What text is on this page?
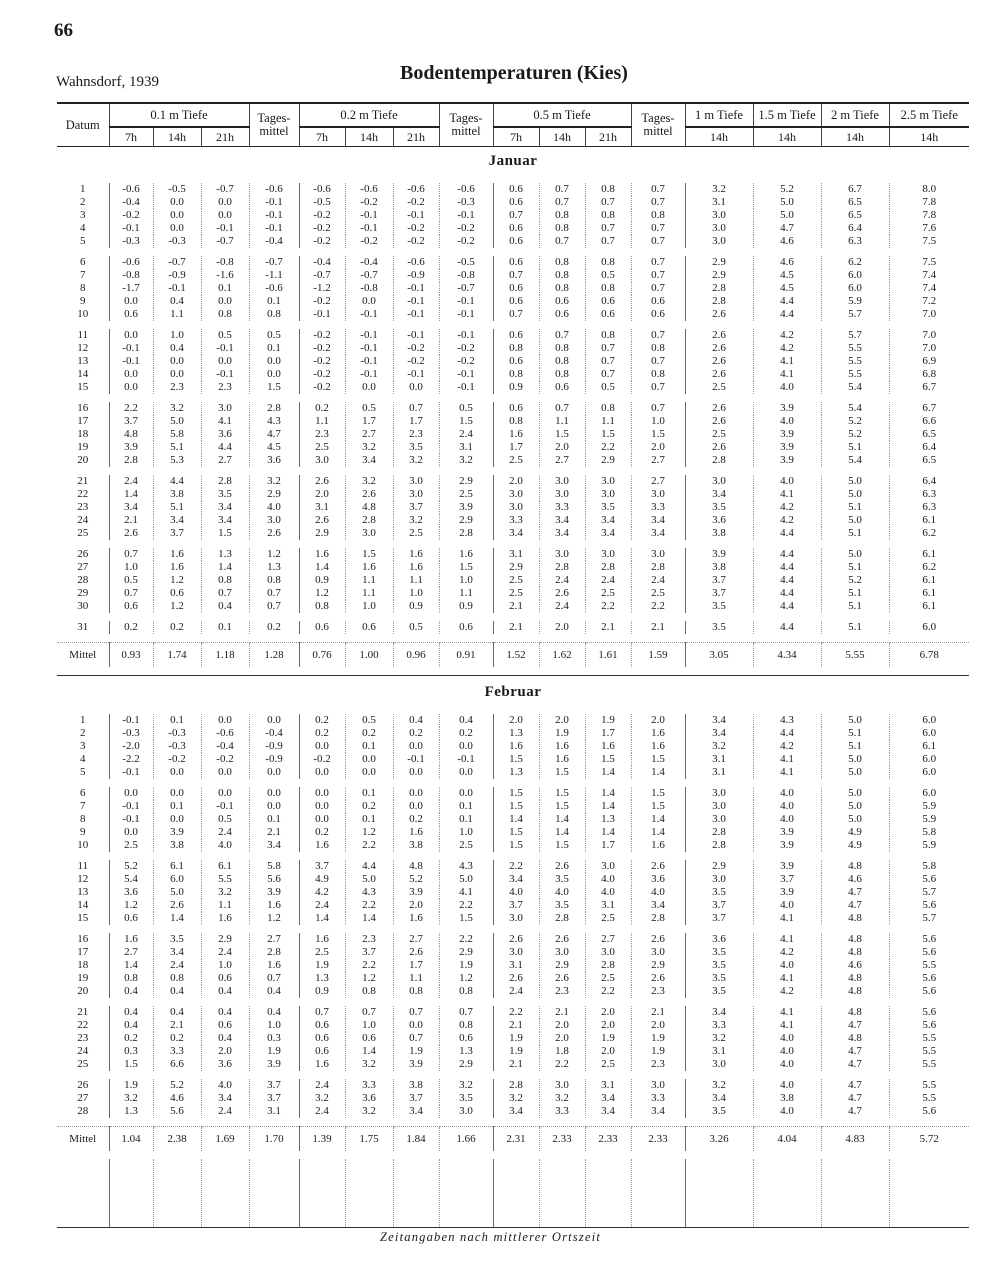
66
Wahnsdorf, 1939	Bodentemperaturen (Kies)
Datum	0.1 m Tiefe			Tages-mittel	0.2 m Tiefe			Tages-mittel	0.5 m Tiefe			Tages-mittel	1 m Tiefe	1.5 m Tiefe	2 m Tiefe	2.5 m Tiefe
	7h	14h	21h		7h	14h	21h		7h	14h	21h		14h	14h	14h	14h
Januar																

1	-0.6	-0.5	-0.7	-0.6	-0.6	-0.6	-0.6	-0.6	0.6	0.7	0.8	0.7	3.2	5.2	6.7	8.0
2	-0.4	0.0	0.0	-0.1	-0.5	-0.2	-0.2	-0.3	0.6	0.7	0.7	0.7	3.1	5.0	6.5	7.8
3	-0.2	0.0	0.0	-0.1	-0.2	-0.1	-0.1	-0.1	0.7	0.8	0.8	0.8	3.0	5.0	6.5	7.8
4	-0.1	0.0	-0.1	-0.1	-0.2	-0.1	-0.2	-0.2	0.6	0.8	0.7	0.7	3.0	4.7	6.4	7.6
5	-0.3	-0.3	-0.7	-0.4	-0.2	-0.2	-0.2	-0.2	0.6	0.7	0.7	0.7	3.0	4.6	6.3	7.5

6	-0.6	-0.7	-0.8	-0.7	-0.4	-0.4	-0.6	-0.5	0.6	0.8	0.8	0.7	2.9	4.6	6.2	7.5
7	-0.8	-0.9	-1.6	-1.1	-0.7	-0.7	-0.9	-0.8	0.7	0.8	0.5	0.7	2.9	4.5	6.0	7.4
8	-1.7	-0.1	0.1	-0.6	-1.2	-0.8	-0.1	-0.7	0.6	0.8	0.8	0.7	2.8	4.5	6.0	7.4
9	0.0	0.4	0.0	0.1	-0.2	0.0	-0.1	-0.1	0.6	0.6	0.6	0.6	2.8	4.4	5.9	7.2
10	0.6	1.1	0.8	0.8	-0.1	-0.1	-0.1	-0.1	0.7	0.6	0.6	0.6	2.6	4.4	5.7	7.0

11	0.0	1.0	0.5	0.5	-0.2	-0.1	-0.1	-0.1	0.6	0.7	0.8	0.7	2.6	4.2	5.7	7.0
12	-0.1	0.4	-0.1	0.1	-0.2	-0.1	-0.2	-0.2	0.8	0.8	0.7	0.8	2.6	4.2	5.5	7.0
13	-0.1	0.0	0.0	0.0	-0.2	-0.1	-0.2	-0.2	0.6	0.8	0.7	0.7	2.6	4.1	5.5	6.9
14	0.0	0.0	-0.1	0.0	-0.2	-0.1	-0.1	-0.1	0.8	0.8	0.7	0.8	2.6	4.1	5.5	6.8
15	0.0	2.3	2.3	1.5	-0.2	0.0	0.0	-0.1	0.9	0.6	0.5	0.7	2.5	4.0	5.4	6.7

16	2.2	3.2	3.0	2.8	0.2	0.5	0.7	0.5	0.6	0.7	0.8	0.7	2.6	3.9	5.4	6.7
17	3.7	5.0	4.1	4.3	1.1	1.7	1.7	1.5	0.8	1.1	1.1	1.0	2.6	4.0	5.2	6.6
18	4.8	5.8	3.6	4.7	2.3	2.7	2.3	2.4	1.6	1.5	1.5	1.5	2.5	3.9	5.2	6.5
19	3.9	5.1	4.4	4.5	2.5	3.2	3.5	3.1	1.7	2.0	2.2	2.0	2.6	3.9	5.1	6.4
20	2.8	5.3	2.7	3.6	3.0	3.4	3.2	3.2	2.5	2.7	2.9	2.7	2.8	3.9	5.4	6.5

21	2.4	4.4	2.8	3.2	2.6	3.2	3.0	2.9	2.0	3.0	3.0	2.7	3.0	4.0	5.0	6.4
22	1.4	3.8	3.5	2.9	2.0	2.6	3.0	2.5	3.0	3.0	3.0	3.0	3.4	4.1	5.0	6.3
23	3.4	5.1	3.4	4.0	3.1	4.8	3.7	3.9	3.0	3.3	3.5	3.3	3.5	4.2	5.1	6.3
24	2.1	3.4	3.4	3.0	2.6	2.8	3.2	2.9	3.3	3.4	3.4	3.4	3.6	4.2	5.0	6.1
25	2.6	3.7	1.5	2.6	2.9	3.0	2.5	2.8	3.4	3.4	3.4	3.4	3.8	4.4	5.1	6.2

26	0.7	1.6	1.3	1.2	1.6	1.5	1.6	1.6	3.1	3.0	3.0	3.0	3.9	4.4	5.0	6.1
27	1.0	1.6	1.4	1.3	1.4	1.6	1.6	1.5	2.9	2.8	2.8	2.8	3.8	4.4	5.1	6.2
28	0.5	1.2	0.8	0.8	0.9	1.1	1.1	1.0	2.5	2.4	2.4	2.4	3.7	4.4	5.2	6.1
29	0.7	0.6	0.7	0.7	1.2	1.1	1.0	1.1	2.5	2.6	2.5	2.5	3.7	4.4	5.1	6.1
30	0.6	1.2	0.4	0.7	0.8	1.0	0.9	0.9	2.1	2.4	2.2	2.2	3.5	4.4	5.1	6.1

31	0.2	0.2	0.1	0.2	0.6	0.6	0.5	0.6	2.1	2.0	2.1	2.1	3.5	4.4	5.1	6.0

Mittel	0.93	1.74	1.18	1.28	0.76	1.00	0.96	0.91	1.52	1.62	1.61	1.59	3.05	4.34	5.55	6.78

Februar																

1	-0.1	0.1	0.0	0.0	0.2	0.5	0.4	0.4	2.0	2.0	1.9	2.0	3.4	4.3	5.0	6.0
2	-0.3	-0.3	-0.6	-0.4	0.2	0.2	0.2	0.2	1.3	1.9	1.7	1.6	3.4	4.4	5.1	6.0
3	-2.0	-0.3	-0.4	-0.9	0.0	0.1	0.0	0.0	1.6	1.6	1.6	1.6	3.2	4.2	5.1	6.1
4	-2.2	-0.2	-0.2	-0.9	-0.2	0.0	-0.1	-0.1	1.5	1.6	1.5	1.5	3.1	4.1	5.0	6.0
5	-0.1	0.0	0.0	0.0	0.0	0.0	0.0	0.0	1.3	1.5	1.4	1.4	3.1	4.1	5.0	6.0

6	0.0	0.0	0.0	0.0	0.0	0.1	0.0	0.0	1.5	1.5	1.4	1.5	3.0	4.0	5.0	6.0
7	-0.1	0.1	-0.1	0.0	0.0	0.2	0.0	0.1	1.5	1.5	1.4	1.5	3.0	4.0	5.0	5.9
8	-0.1	0.0	0.5	0.1	0.0	0.1	0.2	0.1	1.4	1.4	1.3	1.4	3.0	4.0	5.0	5.9
9	0.0	3.9	2.4	2.1	0.2	1.2	1.6	1.0	1.5	1.4	1.4	1.4	2.8	3.9	4.9	5.8
10	2.5	3.8	4.0	3.4	1.6	2.2	3.8	2.5	1.5	1.5	1.7	1.6	2.8	3.9	4.9	5.9

11	5.2	6.1	6.1	5.8	3.7	4.4	4.8	4.3	2.2	2.6	3.0	2.6	2.9	3.9	4.8	5.8
12	5.4	6.0	5.5	5.6	4.9	5.0	5.2	5.0	3.4	3.5	4.0	3.6	3.0	3.7	4.6	5.6
13	3.6	5.0	3.2	3.9	4.2	4.3	3.9	4.1	4.0	4.0	4.0	4.0	3.5	3.9	4.7	5.7
14	1.2	2.6	1.1	1.6	2.4	2.2	2.0	2.2	3.7	3.5	3.1	3.4	3.7	4.0	4.7	5.6
15	0.6	1.4	1.6	1.2	1.4	1.4	1.6	1.5	3.0	2.8	2.5	2.8	3.7	4.1	4.8	5.7

16	1.6	3.5	2.9	2.7	1.6	2.3	2.7	2.2	2.6	2.6	2.7	2.6	3.6	4.1	4.8	5.6
17	2.7	3.4	2.4	2.8	2.5	3.7	2.6	2.9	3.0	3.0	3.0	3.0	3.5	4.2	4.8	5.6
18	1.4	2.4	1.0	1.6	1.9	2.2	1.7	1.9	3.1	2.9	2.8	2.9	3.5	4.0	4.6	5.5
19	0.8	0.8	0.6	0.7	1.3	1.2	1.1	1.2	2.6	2.6	2.5	2.6	3.5	4.1	4.8	5.6
20	0.4	0.4	0.4	0.4	0.9	0.8	0.8	0.8	2.4	2.3	2.2	2.3	3.5	4.2	4.8	5.6

21	0.4	0.4	0.4	0.4	0.7	0.7	0.7	0.7	2.2	2.1	2.0	2.1	3.4	4.1	4.8	5.6
22	0.4	2.1	0.6	1.0	0.6	1.0	0.0	0.8	2.1	2.0	2.0	2.0	3.3	4.1	4.7	5.6
23	0.2	0.2	0.4	0.3	0.6	0.6	0.7	0.6	1.9	2.0	1.9	1.9	3.2	4.0	4.8	5.5
24	0.3	3.3	2.0	1.9	0.6	1.4	1.9	1.3	1.9	1.8	2.0	1.9	3.1	4.0	4.7	5.5
25	1.5	6.6	3.6	3.9	1.6	3.2	3.9	2.9	2.1	2.2	2.5	2.3	3.0	4.0	4.7	5.5

26	1.9	5.2	4.0	3.7	2.4	3.3	3.8	3.2	2.8	3.0	3.1	3.0	3.2	4.0	4.7	5.5
27	3.2	4.6	3.4	3.7	3.2	3.6	3.7	3.5	3.2	3.2	3.4	3.3	3.4	3.8	4.7	5.5
28	1.3	5.6	2.4	3.1	2.4	3.2	3.4	3.0	3.4	3.3	3.4	3.4	3.5	4.0	4.7	5.6

Mittel	1.04	2.38	1.69	1.70	1.39	1.75	1.84	1.66	2.31	2.33	2.33	2.33	3.26	4.04	4.83	5.72

Zeitangaben nach mittlerer Ortszeit
